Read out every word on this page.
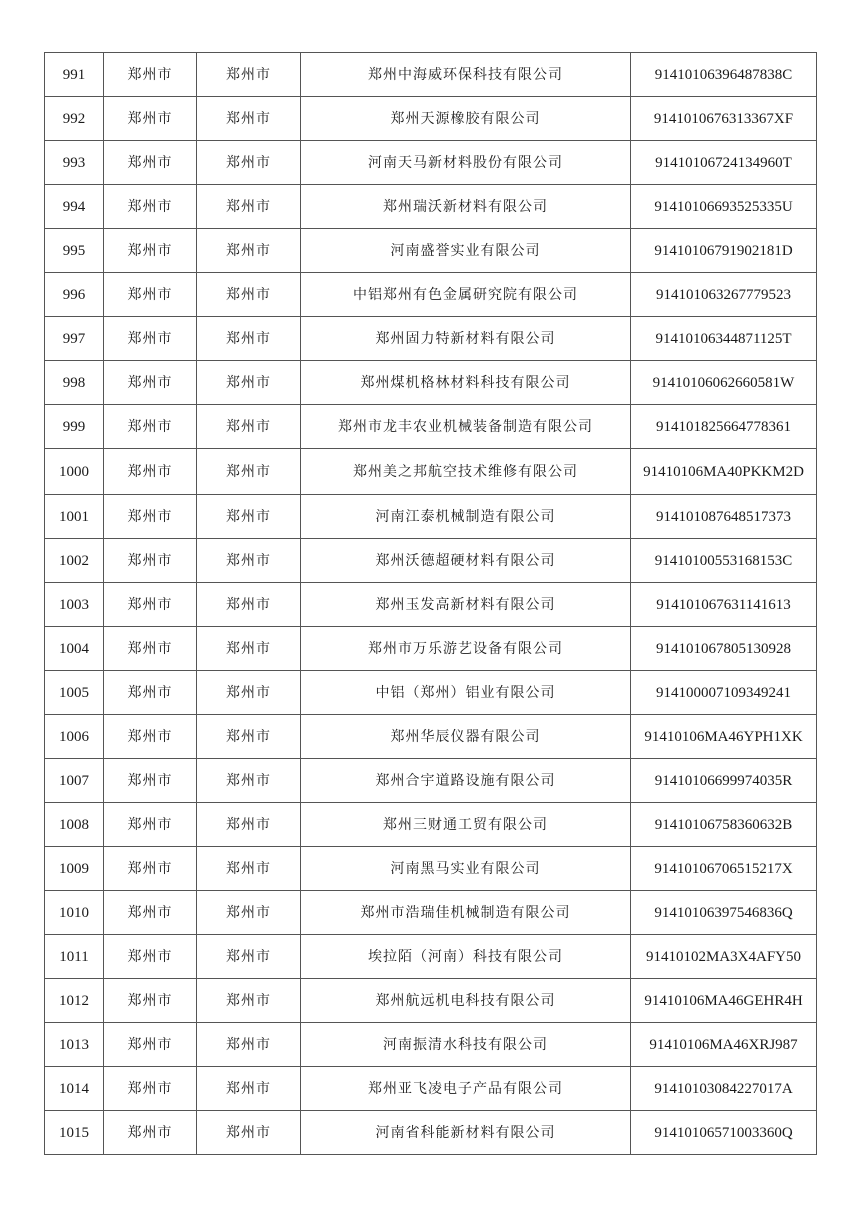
991	郑州市	郑州市	郑州中海威环保科技有限公司	91410106396487838C
992	郑州市	郑州市	郑州天源橡胶有限公司	9141010676313367XF
993	郑州市	郑州市	河南天马新材料股份有限公司	91410106724134960T
994	郑州市	郑州市	郑州瑞沃新材料有限公司	91410106693525335U
995	郑州市	郑州市	河南盛誉实业有限公司	91410106791902181D
996	郑州市	郑州市	中铝郑州有色金属研究院有限公司	914101063267779523
997	郑州市	郑州市	郑州固力特新材料有限公司	91410106344871125T
998	郑州市	郑州市	郑州煤机格林材料科技有限公司	91410106062660581W
999	郑州市	郑州市	郑州市龙丰农业机械装备制造有限公司	914101825664778361
1000	郑州市	郑州市	郑州美之邦航空技术维修有限公司	91410106MA40PKKM2D
1001	郑州市	郑州市	河南江泰机械制造有限公司	914101087648517373
1002	郑州市	郑州市	郑州沃德超硬材料有限公司	91410100553168153C
1003	郑州市	郑州市	郑州玉发高新材料有限公司	914101067631141613
1004	郑州市	郑州市	郑州市万乐游艺设备有限公司	914101067805130928
1005	郑州市	郑州市	中铝（郑州）铝业有限公司	914100007109349241
1006	郑州市	郑州市	郑州华辰仪器有限公司	91410106MA46YPH1XK
1007	郑州市	郑州市	郑州合宇道路设施有限公司	91410106699974035R
1008	郑州市	郑州市	郑州三财通工贸有限公司	91410106758360632B
1009	郑州市	郑州市	河南黑马实业有限公司	91410106706515217X
1010	郑州市	郑州市	郑州市浩瑞佳机械制造有限公司	91410106397546836Q
1011	郑州市	郑州市	埃拉陌（河南）科技有限公司	91410102MA3X4AFY50
1012	郑州市	郑州市	郑州航远机电科技有限公司	91410106MA46GEHR4H
1013	郑州市	郑州市	河南振清水科技有限公司	91410106MA46XRJ987
1014	郑州市	郑州市	郑州亚飞凌电子产品有限公司	91410103084227017A
1015	郑州市	郑州市	河南省科能新材料有限公司	91410106571003360Q
